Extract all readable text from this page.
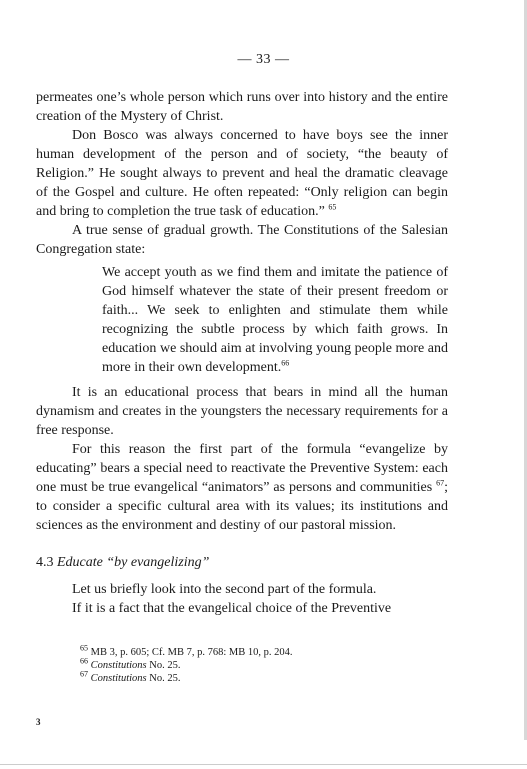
— 33 —

permeates one’s whole person which runs over into history and the entire creation of the Mystery of Christ.

Don Bosco was always concerned to have boys see the inner human development of the person and of society, “the beauty of Religion.” He sought always to prevent and heal the dramatic cleavage of the Gospel and culture. He often repeated: “Only religion can begin and bring to completion the true task of education.” $^{65}$

A true sense of gradual growth. The Constitutions of the Salesian Congregation state:

We accept youth as we find them and imitate the patience of God himself whatever the state of their present freedom or faith... We seek to enlighten and stimulate them while recognizing the subtle process by which faith grows. In education we should aim at involving young people more and more in their own development.$^{66}$

It is an educational process that bears in mind all the human dynamism and creates in the youngsters the necessary requirements for a free response.

For this reason the first part of the formula “evangelize by educating” bears a special need to reactivate the Preventive System: each one must be true evangelical “animators” as persons and communities $^{67}$; to consider a specific cultural area with its values; its institutions and sciences as the environment and destiny of our pastoral mission.

4.3 Educate “by evangelizing”

Let us briefly look into the second part of the formula.

If it is a fact that the evangelical choice of the Preventive

$^{65}$ MB 3, p. 605; Cf. MB 7, p. 768: MB 10, p. 204.
$^{66}$ Constitutions No. 25.
$^{67}$ Constitutions No. 25.
3
